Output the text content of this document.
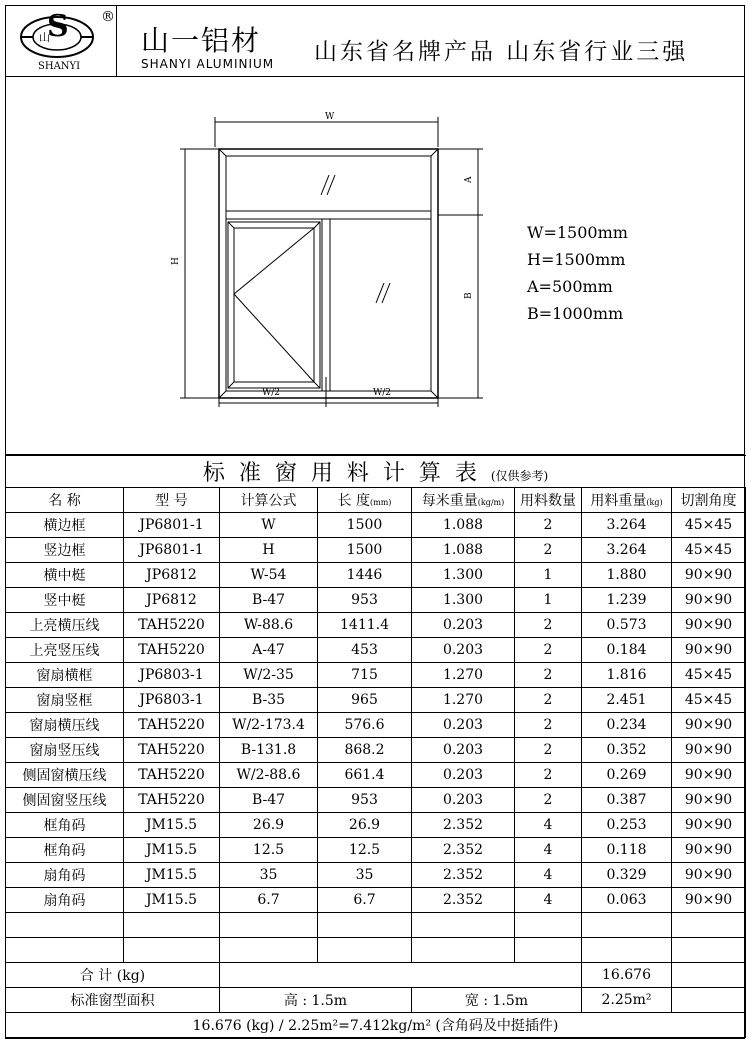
S
山
®
SHANYI
山一铝材
SHANYI ALUMINIUM 山东省名牌产品 山东省行业三强
W
H
A
B
W/2	W/2
W=1500mm
H=1500mm
A=500mm
B=1000mm
标准窗用料计算表(仅供参考)							
名 称	型 号	计算公式	长 度(mm)	每米重量(kg/m)	用料数量	用料重量(kg)	切割角度
横边框	JP6801-1	W	1500	1.088	2	3.264	45×45
竖边框	JP6801-1	H	1500	1.088	2	3.264	45×45
横中梃	JP6812	W-54	1446	1.300	1	1.880	90×90
竖中梃	JP6812	B-47	953	1.300	1	1.239	90×90
上亮横压线	TAH5220	W-88.6	1411.4	0.203	2	0.573	90×90
上亮竖压线	TAH5220	A-47	453	0.203	2	0.184	90×90
窗扇横框	JP6803-1	W/2-35	715	1.270	2	1.816	45×45
窗扇竖框	JP6803-1	B-35	965	1.270	2	2.451	45×45
窗扇横压线	TAH5220	W/2-173.4	576.6	0.203	2	0.234	90×90
窗扇竖压线	TAH5220	B-131.8	868.2	0.203	2	0.352	90×90
侧固窗横压线	TAH5220	W/2-88.6	661.4	0.203	2	0.269	90×90
侧固窗竖压线	TAH5220	B-47	953	0.203	2	0.387	90×90
框角码	JM15.5	26.9	26.9	2.352	4	0.253	90×90
框角码	JM15.5	12.5	12.5	2.352	4	0.118	90×90
扇角码	JM15.5	35	35	2.352	4	0.329	90×90
扇角码	JM15.5	6.7	6.7	2.352	4	0.063	90×90

合 计 (kg)						16.676	
标准窗型面积		高 : 1.5m		宽 : 1.5m		2.25m²	
16.676 (kg) / 2.25m²=7.412kg/m² (含角码及中挺插件)							
